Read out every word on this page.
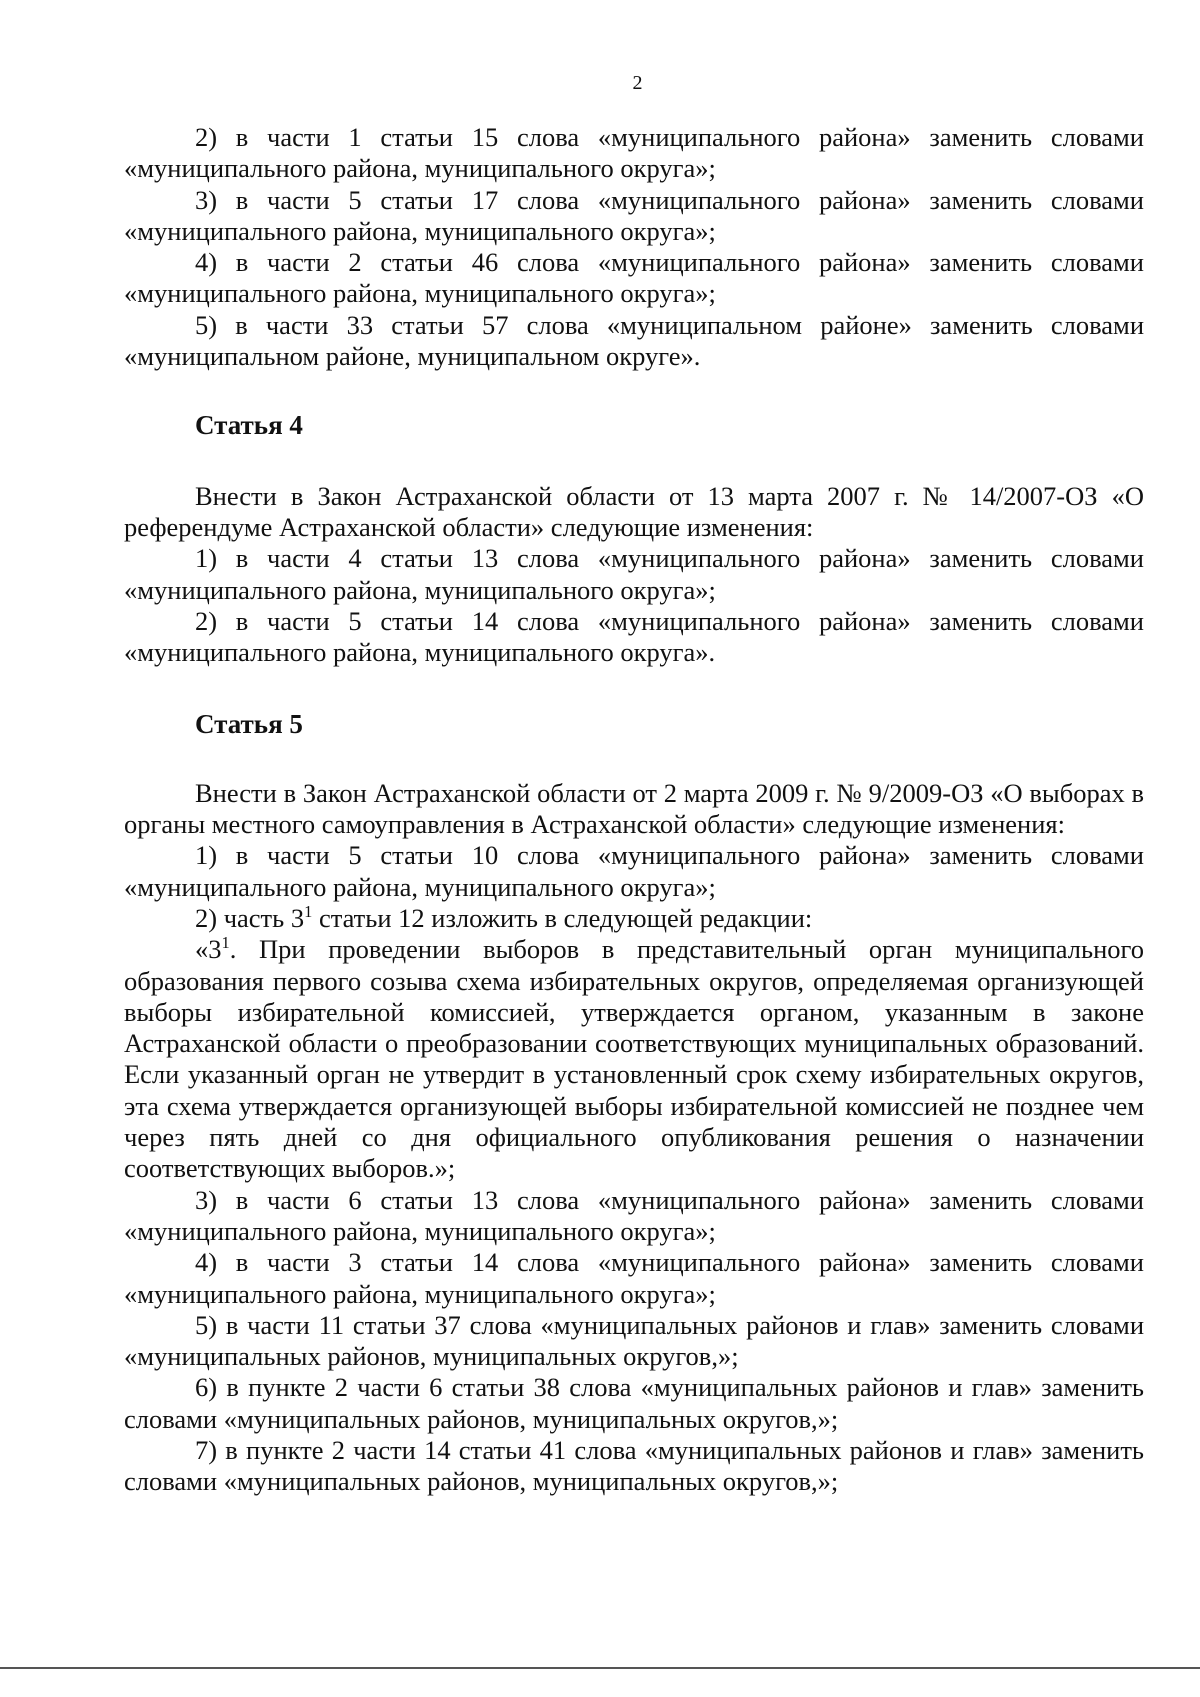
2

2) в части 1 статьи 15 слова «муниципального района» заменить словами «муниципального района, муниципального округа»;

3) в части 5 статьи 17 слова «муниципального района» заменить словами «муниципального района, муниципального округа»;

4) в части 2 статьи 46 слова «муниципального района» заменить словами «муниципального района, муниципального округа»;

5) в части 33 статьи 57 слова «муниципальном районе» заменить словами «муниципальном районе, муниципальном округе».

Статья 4

Внести в Закон Астраханской области от 13 марта 2007 г. № 14/2007-ОЗ «О референдуме Астраханской области» следующие изменения:

1) в части 4 статьи 13 слова «муниципального района» заменить словами «муниципального района, муниципального округа»;

2) в части 5 статьи 14 слова «муниципального района» заменить словами «муниципального района, муниципального округа».

Статья 5

Внести в Закон Астраханской области от 2 марта 2009 г. № 9/2009-ОЗ «О выборах в органы местного самоуправления в Астраханской области» следующие изменения:

1) в части 5 статьи 10 слова «муниципального района» заменить словами «муниципального района, муниципального округа»;

2) часть $3^1$ статьи 12 изложить в следующей редакции:

«$3^1$. При проведении выборов в представительный орган муниципального образования первого созыва схема избирательных округов, определяемая организующей выборы избирательной комиссией, утверждается органом, указанным в законе Астраханской области о преобразовании соответствующих муниципальных образований. Если указанный орган не утвердит в установленный срок схему избирательных округов, эта схема утверждается организующей выборы избирательной комиссией не позднее чем через пять дней со дня официального опубликования решения о назначении соответствующих выборов.»;

3) в части 6 статьи 13 слова «муниципального района» заменить словами «муниципального района, муниципального округа»;

4) в части 3 статьи 14 слова «муниципального района» заменить словами «муниципального района, муниципального округа»;

5) в части 11 статьи 37 слова «муниципальных районов и глав» заменить словами «муниципальных районов, муниципальных округов,»;

6) в пункте 2 части 6 статьи 38 слова «муниципальных районов и глав» заменить словами «муниципальных районов, муниципальных округов,»;

7) в пункте 2 части 14 статьи 41 слова «муниципальных районов и глав» заменить словами «муниципальных районов, муниципальных округов,»;
